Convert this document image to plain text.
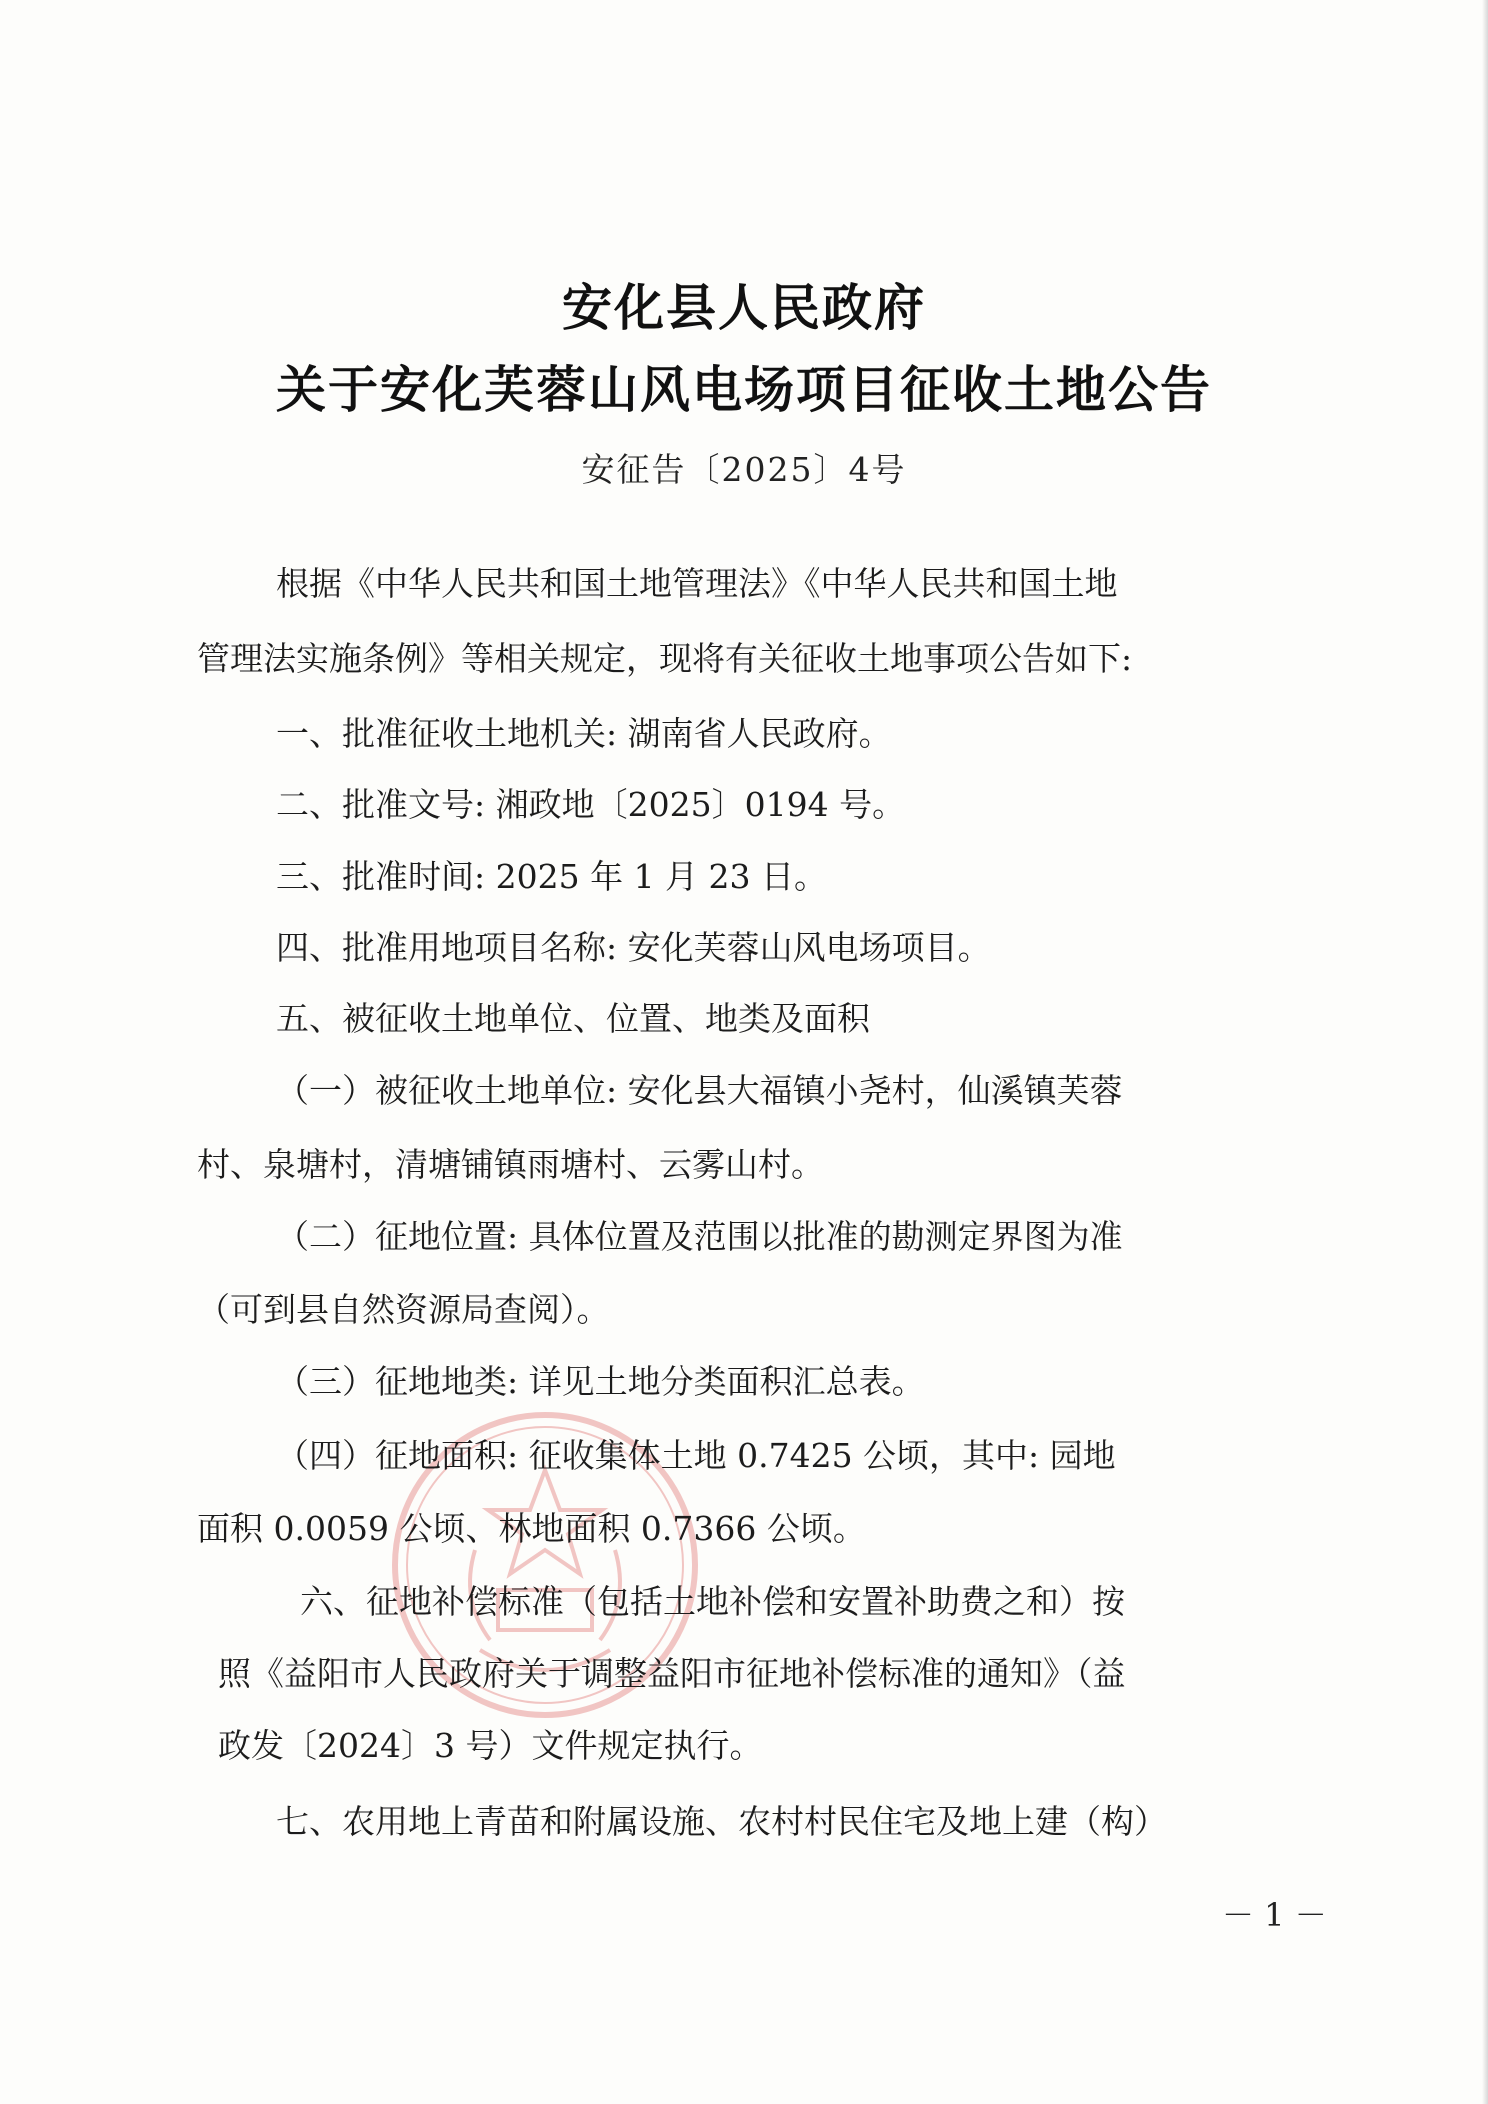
安化县人民政府
关于安化芙蓉山风电场项目征收土地公告
安征告〔2025〕4号
根据《中华人民共和国土地管理法》《中华人民共和国土地
管理法实施条例》等相关规定，现将有关征收土地事项公告如下:
一、批准征收土地机关: 湖南省人民政府。
二、批准文号: 湘政地〔2025〕0194 号。
三、批准时间: 2025 年 1 月 23 日。
四、批准用地项目名称: 安化芙蓉山风电场项目。
五、被征收土地单位、位置、地类及面积
（一）被征收土地单位: 安化县大福镇小尧村，仙溪镇芙蓉
村、泉塘村，清塘铺镇雨塘村、云雾山村。
（二）征地位置: 具体位置及范围以批准的勘测定界图为准
（可到县自然资源局查阅）。
（三）征地地类: 详见土地分类面积汇总表。
（四）征地面积: 征收集体土地 0.7425 公顷，其中: 园地
面积 0.0059 公顷、林地面积 0.7366 公顷。
六、征地补偿标准（包括土地补偿和安置补助费之和）按
照《益阳市人民政府关于调整益阳市征地补偿标准的通知》（益
政发〔2024〕3 号）文件规定执行。
七、农用地上青苗和附属设施、农村村民住宅及地上建（构）
－ 1 －
